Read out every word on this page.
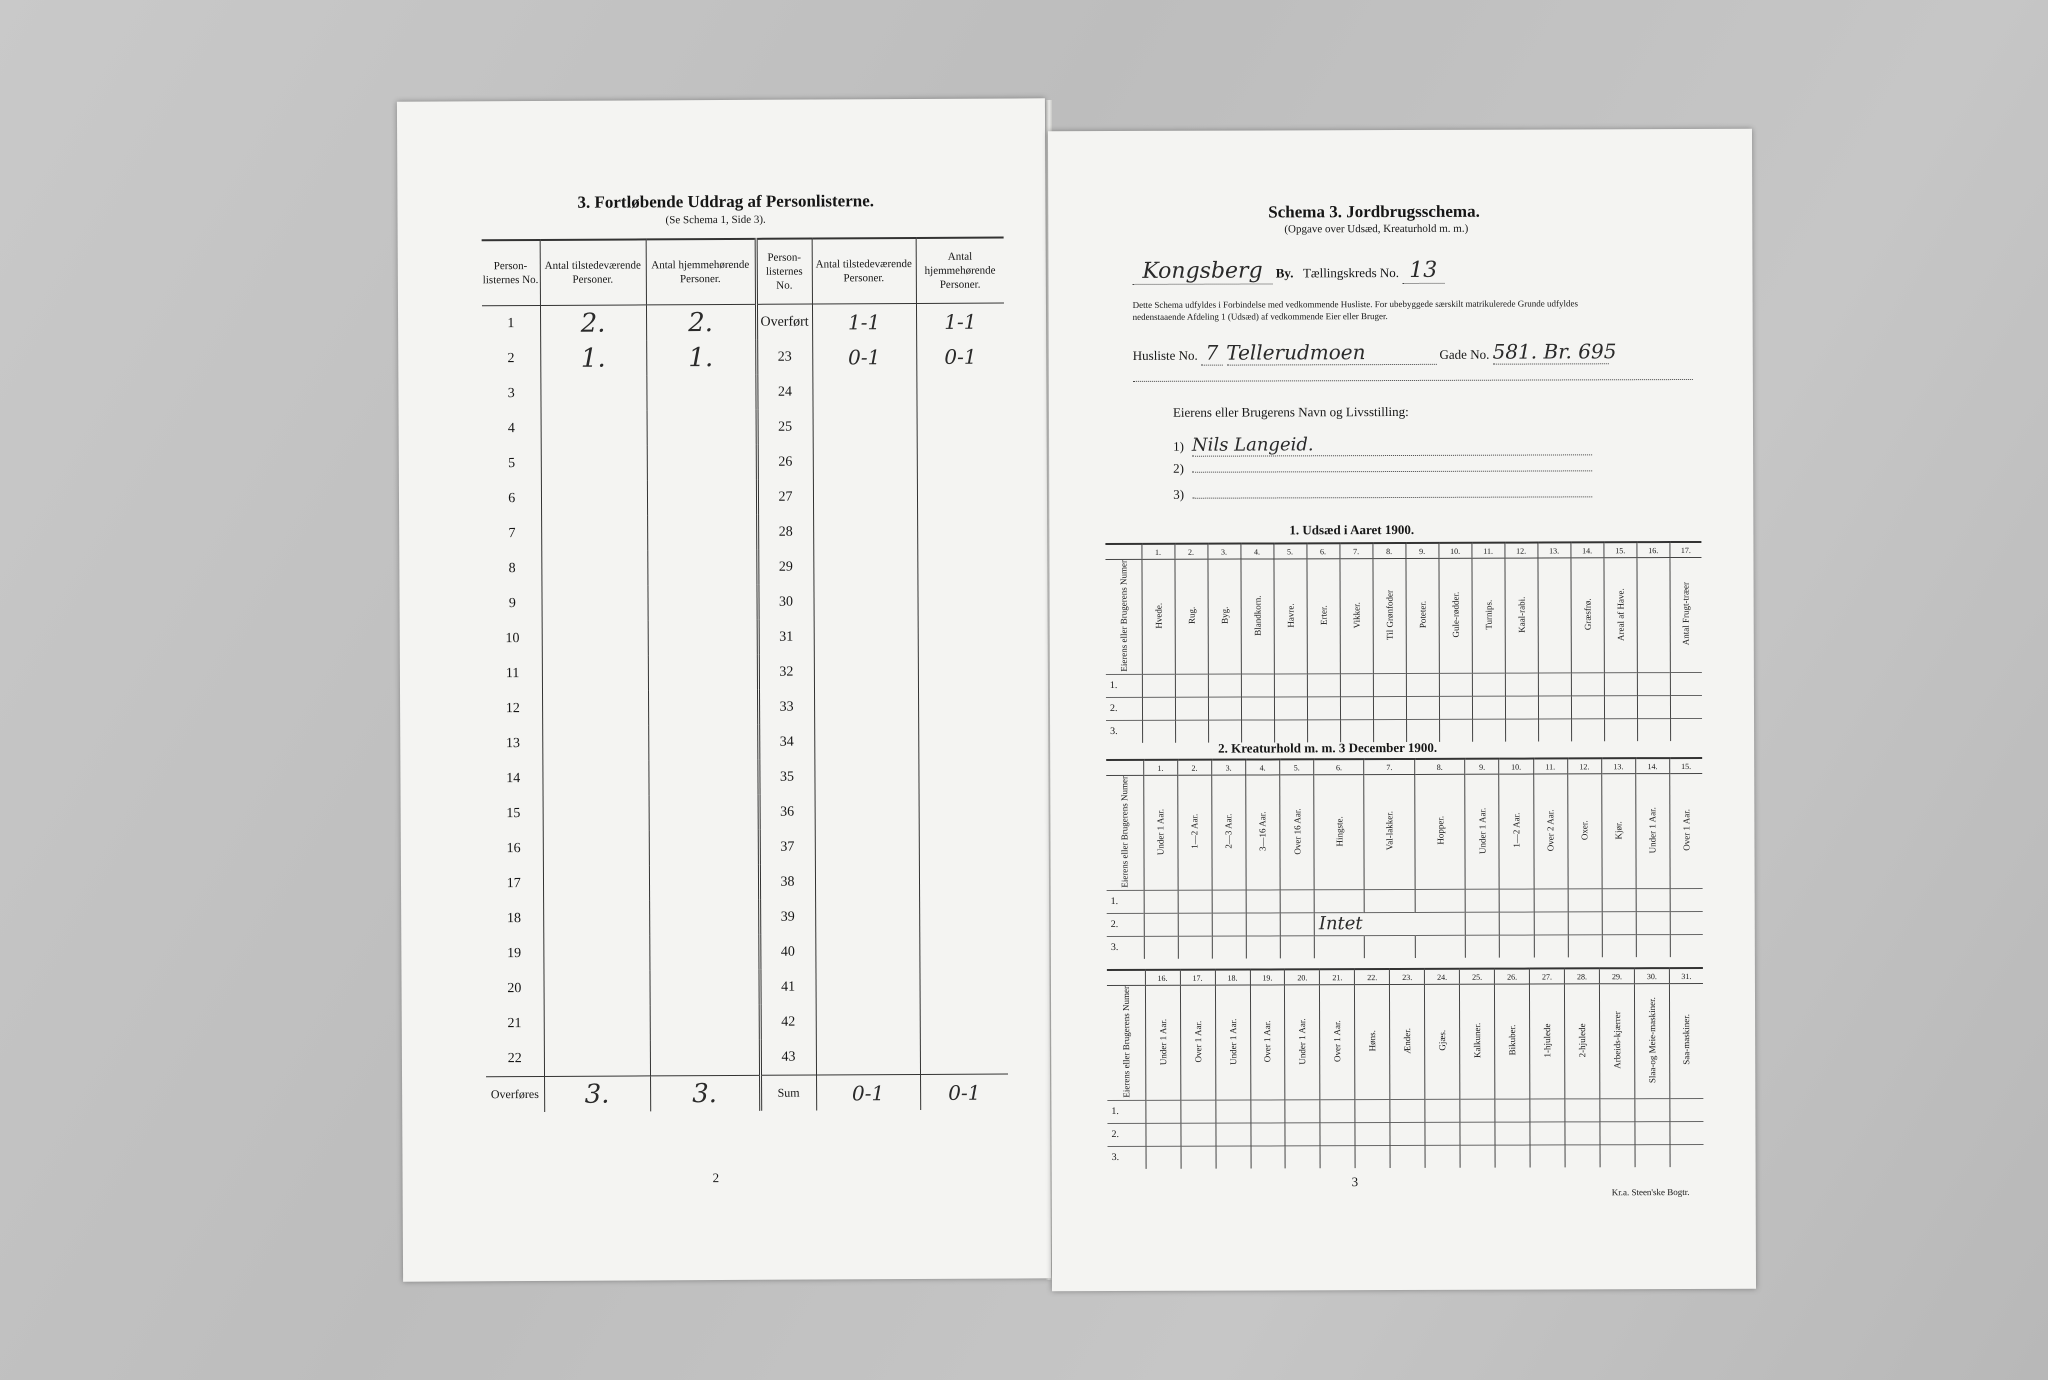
3. Fortløbende Uddrag af Personlisterne.
(Se Schema 1, Side 3).
Person-listernes No.	Antal tilstedeværende Personer.	Antal hjemmehørende Personer.	Person-listernes No.	Antal tilstedeværende Personer.	Antal hjemmehørende Personer.
1	2.	2.	Overført	1-1	1-1
2	1.	1.	23	0-1	0-1
3			24		
4			25		
5			26		
6			27		
7			28		
8			29		
9			30		
10			31		
11			32		
12			33		
13			34		
14			35		
15			36		
16			37		
17			38		
18			39		
19			40		
20			41		
21			42		
22			43		
Overføres	3.	3.	Sum	0-1	0-1
2
Schema 3. Jordbrugsschema.
(Opgave over Udsæd, Kreaturhold m. m.)
Kongsberg By. Tællingskreds No. 13
Dette Schema udfyldes i Forbindelse med vedkommende Husliste. For ubebyggede særskilt matrikulerede Grunde udfyldes nedenstaaende Afdeling 1 (Udsæd) af vedkommende Eier eller Bruger.
Husliste No. 7 Tellerudmoen	Gade No. 581. Br. 695
Eierens eller Brugerens Navn og Livsstilling:
1) Nils Langeid.
2)
3)
1. Udsæd i Aaret 1900.
	1.	2.	3.	4.	5.	6.	7.	8.	9.	10.	11.	12.	13.	14.	15.	16.	17.
Eierens eller Brugerens Numer	Hvede.	Rug.	Byg.	Blandkorn.	Havre.	Erter.	Vikker.	Til Grønfoder	Poteter.	Gule-rødder.	Turnips.	Kaal-rabi.		Græsfrø.	Areal af Have.		Antal Frugt-træer
1.																	
2.																	
3.																	
2. Kreaturhold m. m. 3 December 1900.
	1.	2.	3.	4.	5.	6.	7.	8.	9.	10.	11.	12.	13.	14.	15.
Eierens eller Brugerens Numer	Under 1 Aar.	1—2 Aar.	2—3 Aar.	3—16 Aar.	Over 16 Aar.	Hingste.	Val-lakker.	Hopper.	Under 1 Aar.	1—2 Aar.	Over 2 Aar.	Oxer.	Kjør.	Under 1 Aar.	Over 1 Aar.
1.															
2.						Intet									
3.															
	16.	17.	18.	19.	20.	21.	22.	23.	24.	25.	26.	27.	28.	29.	30.	31.
Eierens eller Brugerens Numer	Under 1 Aar.	Over 1 Aar.	Under 1 Aar.	Over 1 Aar.	Under 1 Aar.	Over 1 Aar.	Høns.	Ænder.	Gjæs.	Kalkuner.	Bikuber.	1-hjulede	2-hjulede	Arbeids-kjærrer	Slaa-og Meie-maskiner.	Saa-maskiner.
1.																
2.																
3.																
3
Kr.a. Steen'ske Bogtr.
